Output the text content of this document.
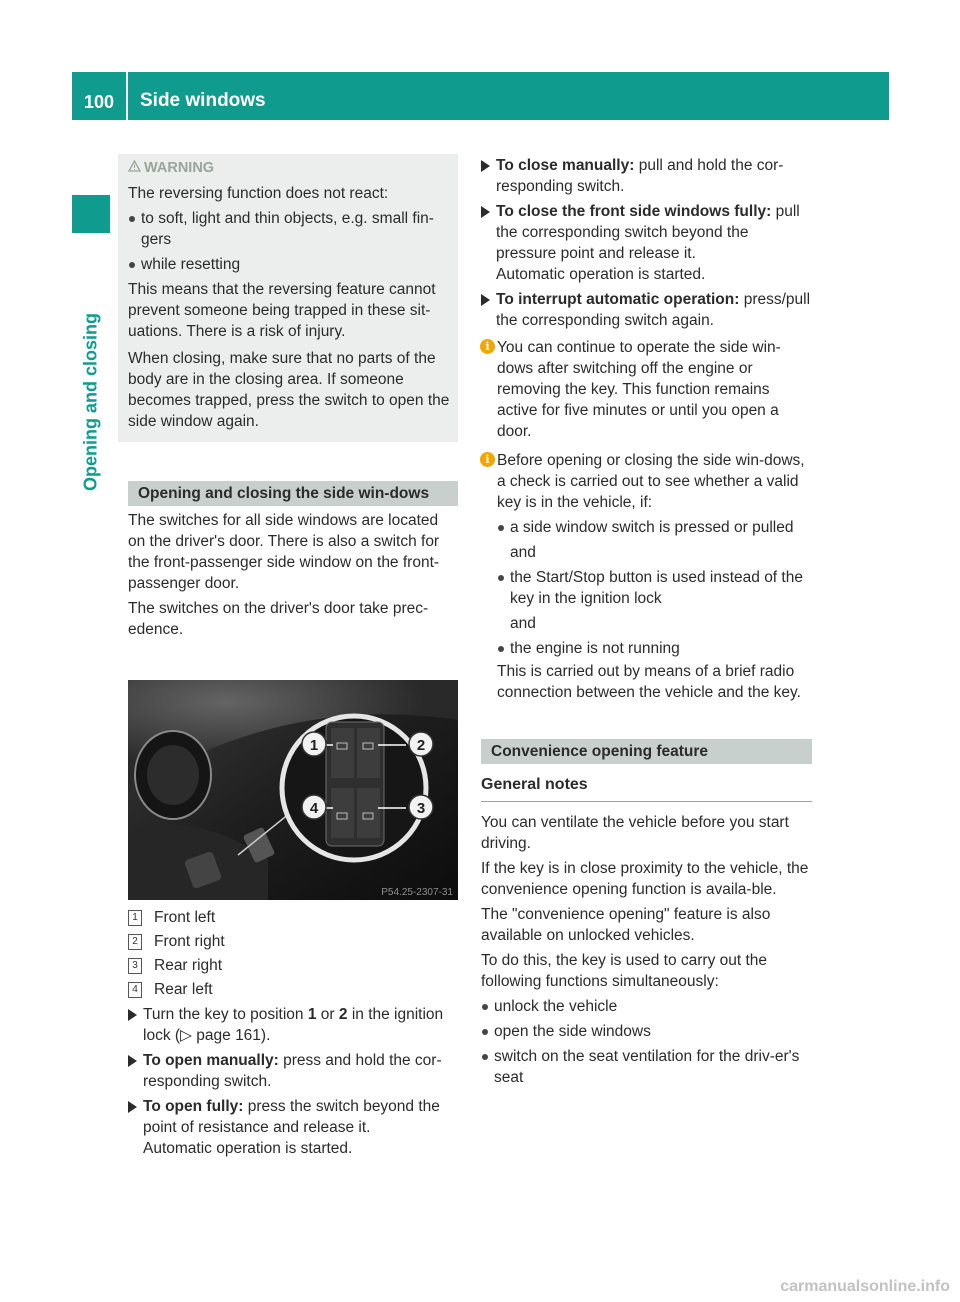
100	Side windows
Opening and closing
WARNING

The reversing function does not react:

to soft, light and thin objects, e.g. small fin-gers
while resetting

This means that the reversing feature cannot prevent someone being trapped in these sit-uations. There is a risk of injury.

When closing, make sure that no parts of the body are in the closing area. If someone becomes trapped, press the switch to open the side window again.

Opening and closing the side win-dows

The switches for all side windows are located on the driver's door. There is also a switch for the front-passenger side window on the front-passenger door.

The switches on the driver's door take prec-edence.

1	2
4	3
P54.25-2307-31
1 Front left
2 Front right
3 Rear right
4 Rear left
Turn the key to position 1 or 2 in the ignition lock (▷ page 161).
To open manually: press and hold the cor-responding switch.
To open fully: press the switch beyond the point of resistance and release it.
Automatic operation is started.
To close manually: pull and hold the cor-responding switch.
To close the front side windows fully: pull the corresponding switch beyond the pressure point and release it.
Automatic operation is started.
To interrupt automatic operation: press/pull the corresponding switch again.
i You can continue to operate the side win-dows after switching off the engine or removing the key. This function remains active for five minutes or until you open a door.
i Before opening or closing the side win-dows, a check is carried out to see whether a valid key is in the vehicle, if:
a side window switch is pressed or pulled
and
the Start/Stop button is used instead of the key in the ignition lock
and
the engine is not running
This is carried out by means of a brief radio connection between the vehicle and the key.
Convenience opening feature
General notes

You can ventilate the vehicle before you start driving.

If the key is in close proximity to the vehicle, the convenience opening function is availa-ble.

The "convenience opening" feature is also available on unlocked vehicles.

To do this, the key is used to carry out the following functions simultaneously:

unlock the vehicle
open the side windows
switch on the seat ventilation for the driv-er's seat
carmanualsonline.info
